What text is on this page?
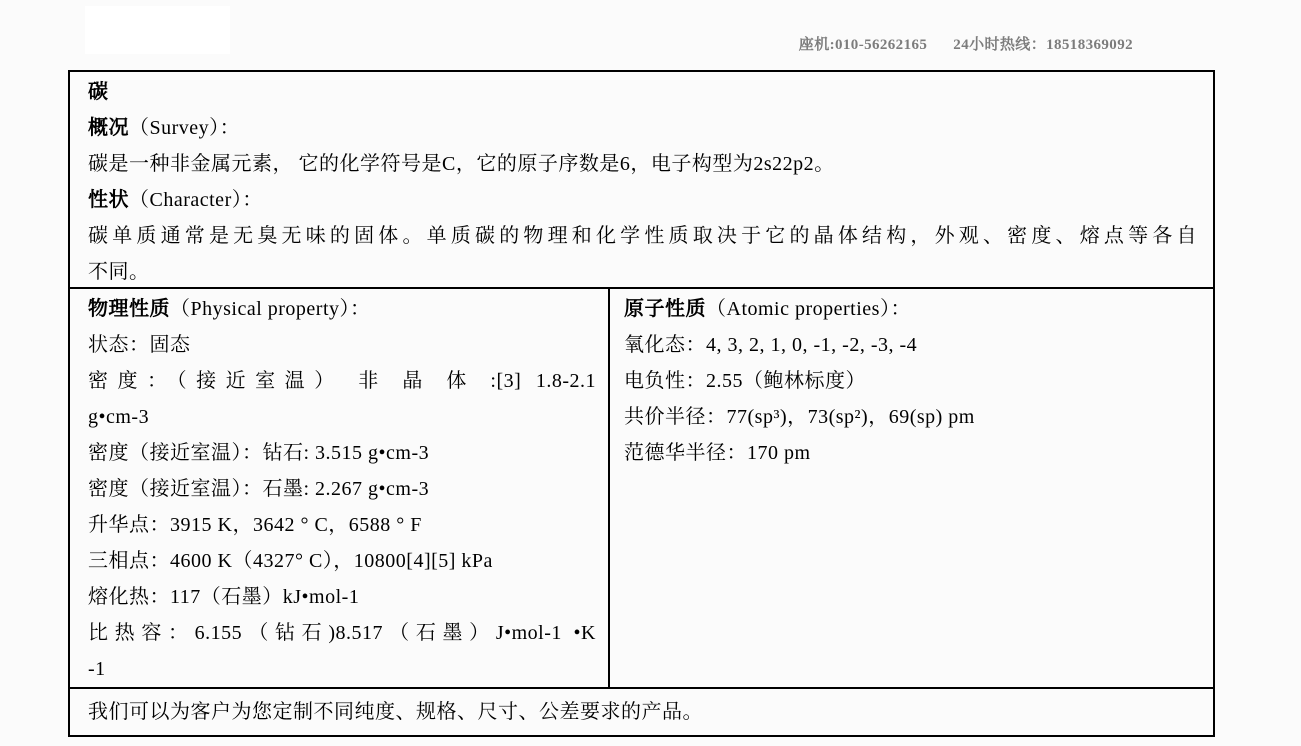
座机:010-56262165 24小时热线：18518369092
碳
概况（Survey）：
碳是一种非金属元素， 它的化学符号是C，它的原子序数是6，电子构型为2s22p2。
性状（Character）：
碳单质通常是无臭无味的固体。单质碳的物理和化学性质取决于它的晶体结构，外观、密度、熔点等各自
不同。
物理性质（Physical property）：
状态：固态
密度：（接近室温） 非 晶 体 :[3] 1.8-2.1
g•cm-3
密度（接近室温）：钻石: 3.515 g•cm-3
密度（接近室温）：石墨: 2.267 g•cm-3
升华点：3915 K，3642 ° C，6588 ° F
三相点：4600 K（4327° C），10800[4][5] kPa
熔化热：117（石墨）kJ•mol-1
比热容：6.155（钻石)8.517（石墨）J•mol-1 •K
-1
原子性质（Atomic properties）：
氧化态：4, 3, 2, 1, 0, -1, -2, -3, -4
电负性：2.55（鲍林标度）
共价半径：77(sp³)，73(sp²)，69(sp) pm
范德华半径：170 pm
我们可以为客户为您定制不同纯度、规格、尺寸、公差要求的产品。
